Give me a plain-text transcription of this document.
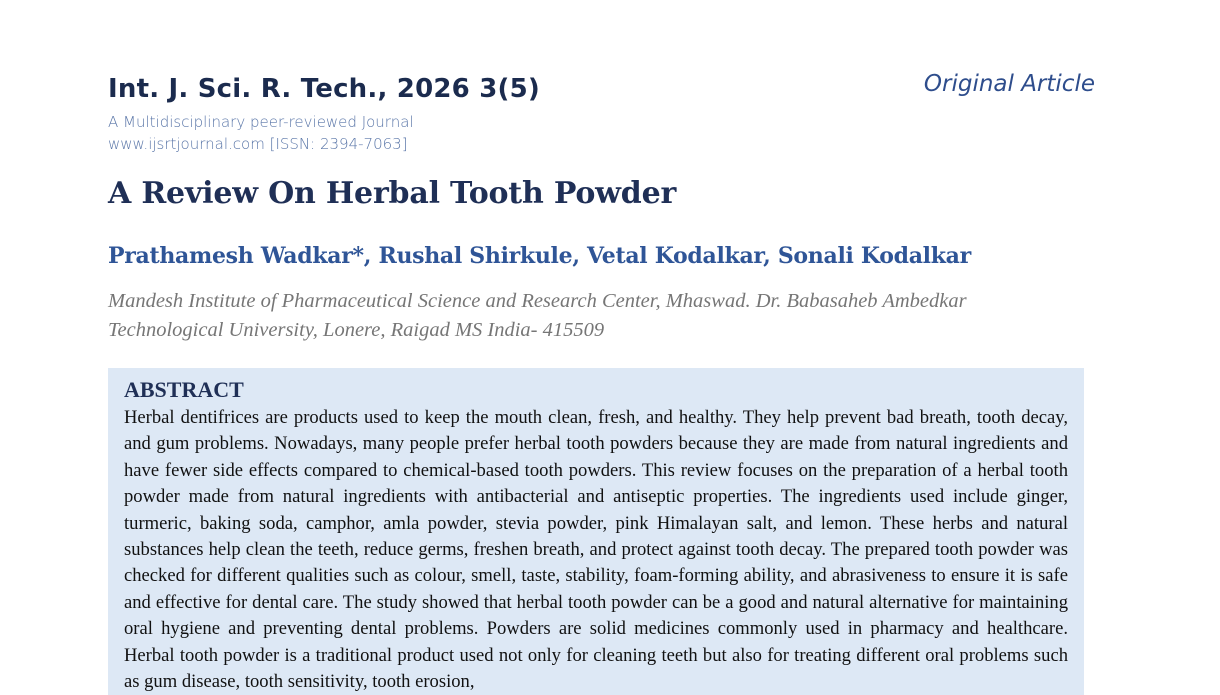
Int. J. Sci. R. Tech., 2026 3(5)	Original Article
A Multidisciplinary peer-reviewed Journal
www.ijsrtjournal.com [ISSN: 2394-7063]
A Review On Herbal Tooth Powder
Prathamesh Wadkar*, Rushal Shirkule, Vetal Kodalkar, Sonali Kodalkar
Mandesh Institute of Pharmaceutical Science and Research Center, Mhaswad. Dr. Babasaheb Ambedkar Technological University, Lonere, Raigad MS India- 415509
ABSTRACT
Herbal dentifrices are products used to keep the mouth clean, fresh, and healthy. They help prevent bad breath, tooth decay, and gum problems. Nowadays, many people prefer herbal tooth powders because they are made from natural ingredients and have fewer side effects compared to chemical-based tooth powders. This review focuses on the preparation of a herbal tooth powder made from natural ingredients with antibacterial and antiseptic properties. The ingredients used include ginger, turmeric, baking soda, camphor, amla powder, stevia powder, pink Himalayan salt, and lemon. These herbs and natural substances help clean the teeth, reduce germs, freshen breath, and protect against tooth decay. The prepared tooth powder was checked for different qualities such as colour, smell, taste, stability, foam-forming ability, and abrasiveness to ensure it is safe and effective for dental care. The study showed that herbal tooth powder can be a good and natural alternative for maintaining oral hygiene and preventing dental problems. Powders are solid medicines commonly used in pharmacy and healthcare. Herbal tooth powder is a traditional product used not only for cleaning teeth but also for treating different oral problems such as gum disease, tooth sensitivity, tooth erosion,
